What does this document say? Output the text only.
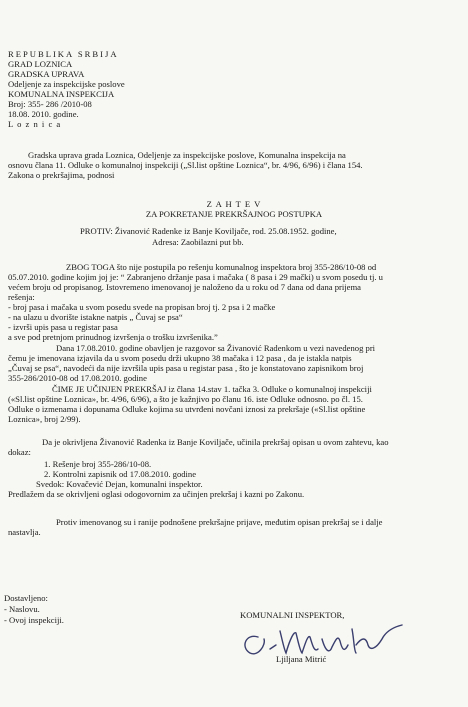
REPUBLIKA SRBIJA
GRAD LOZNICA
GRADSKA UPRAVA
Odeljenje za inspekcijske poslove
KOMUNALNA INSPEKCIJA
Broj: 355- 286 /2010-08
18.08. 2010. godine.
L o z n i c a
Gradska uprava grada Loznica, Odeljenje za inspekcijske poslove, Komunalna inspekcija na
osnovu člana 11. Odluke o komunalnoj inspekciji („Sl.list opštine Loznica“, br. 4/96, 6/96) i člana 154.
Zakona o prekršajima, podnosi
Z A H T E V
ZA POKRETANJE PREKRŠAJNOG POSTUPKA
PROTIV: Živanović Radenke iz Banje Koviljače, rod. 25.08.1952. godine,
Adresa: Zaobilazni put bb.
ZBOG TOGA što nije postupila po rešenju komunalnog inspektora broj 355-286/10-08 od
05.07.2010. godine kojim joj je: “ Zabranjeno držanje pasa i mačaka ( 8 pasa i 29 mački) u svom posedu tj. u
većem broju od propisanog. Istovremeno imenovanoj je naloženo da u roku od 7 dana od dana prijema
rešenja:
- broj pasa i mačaka u svom posedu svede na propisan broj tj. 2 psa i 2 mačke
- na ulazu u dvorište istakne natpis „ Čuvaj se psa“
- izvrši upis pasa u registar pasa
a sve pod pretnjom prinudnog izvršenja o trošku izvršenika.”
Dana 17.08.2010. godine obavljen je razgovor sa Živanović Radenkom u vezi navedenog pri
čemu je imenovana izjavila da u svom posedu drži ukupno 38 mačaka i 12 pasa , da je istakla natpis
„Čuvaj se psa“, navodeći da nije izvršila upis pasa u registar pasa , što je konstatovano zapisnikom broj
355-286/2010-08 od 17.08.2010. godine
ČIME JE UČINJEN PREKRŠAJ iz člana 14.stav 1. tačka 3. Odluke o komunalnoj inspekciji
(«Sl.list opštine Loznica», br. 4/96, 6/96), a što je kažnjivo po članu 16. iste Odluke odnosno. po čl. 15.
Odluke o izmenama i dopunama Odluke kojima su utvrđeni novčani iznosi za prekršaje («Sl.list opštine
Loznica», broj 2/99).
Da je okrivljena Živanović Radenka iz Banje Koviljače, učinila prekršaj opisan u ovom zahtevu, kao
dokaz:
1. Rešenje broj 355-286/10-08.
2. Kontrolni zapisnik od 17.08.2010. godine
Svedok: Kovačević Dejan, komunalni inspektor.
Predlažem da se okrivljeni oglasi odogovornim za učinjen prekršaj i kazni po Zakonu.
Protiv imenovanog su i ranije podnošene prekršajne prijave, međutim opisan prekršaj se i dalje
nastavlja.
Dostavljeno:
- Naslovu.
- Ovoj inspekciji.	KOMUNALNI INSPEKTOR,
Ljiljana Mitrić
